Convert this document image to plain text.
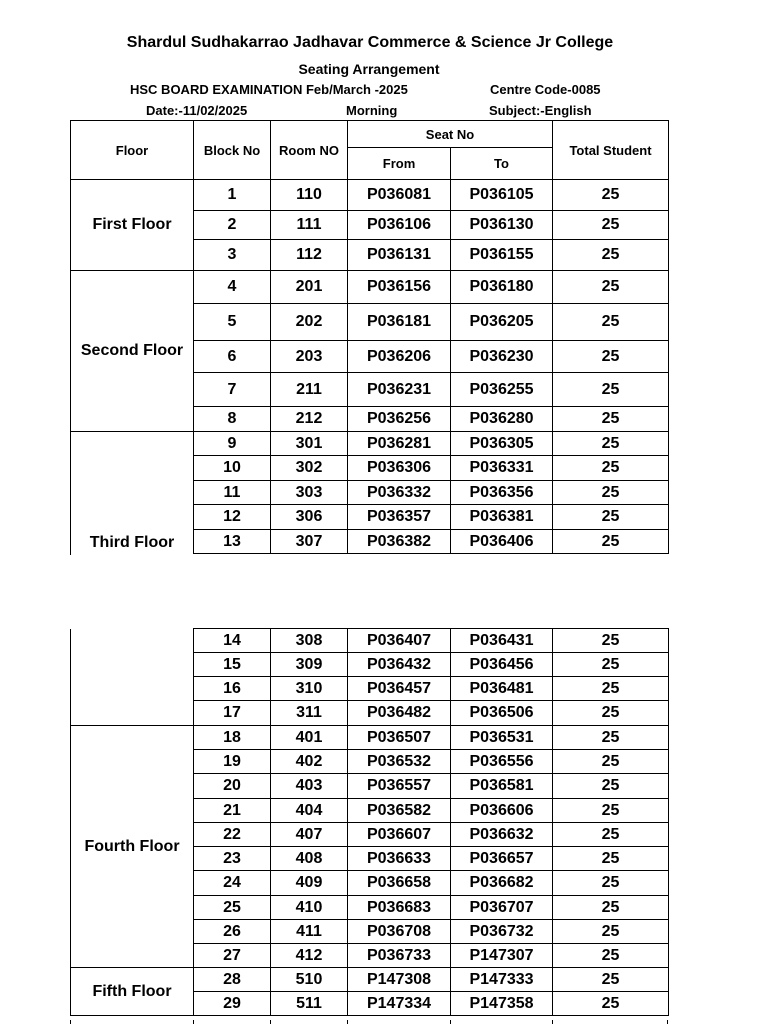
Shardul Sudhakarrao Jadhavar Commerce & Science Jr College
Seating Arrangement
HSC BOARD EXAMINATION Feb/March -2025	Centre Code-0085
Date:-11/02/2025	Morning	Subject:-English
Floor	Block No	Room NO	Seat No		Total Student
			From	To	
First Floor	1	110	P036081	P036105	25
	2	111	P036106	P036130	25
	3	112	P036131	P036155	25
Second Floor	4	201	P036156	P036180	25
	5	202	P036181	P036205	25
	6	203	P036206	P036230	25
	7	211	P036231	P036255	25
	8	212	P036256	P036280	25
Third Floor	9	301	P036281	P036305	25
	10	302	P036306	P036331	25
	11	303	P036332	P036356	25
	12	306	P036357	P036381	25
	13	307	P036382	P036406	25
	14	308	P036407	P036431	25
	15	309	P036432	P036456	25
	16	310	P036457	P036481	25
	17	311	P036482	P036506	25
Fourth Floor	18	401	P036507	P036531	25
	19	402	P036532	P036556	25
	20	403	P036557	P036581	25
	21	404	P036582	P036606	25
	22	407	P036607	P036632	25
	23	408	P036633	P036657	25
	24	409	P036658	P036682	25
	25	410	P036683	P036707	25
	26	411	P036708	P036732	25
	27	412	P036733	P147307	25
Fifth Floor	28	510	P147308	P147333	25
	29	511	P147334	P147358	25
